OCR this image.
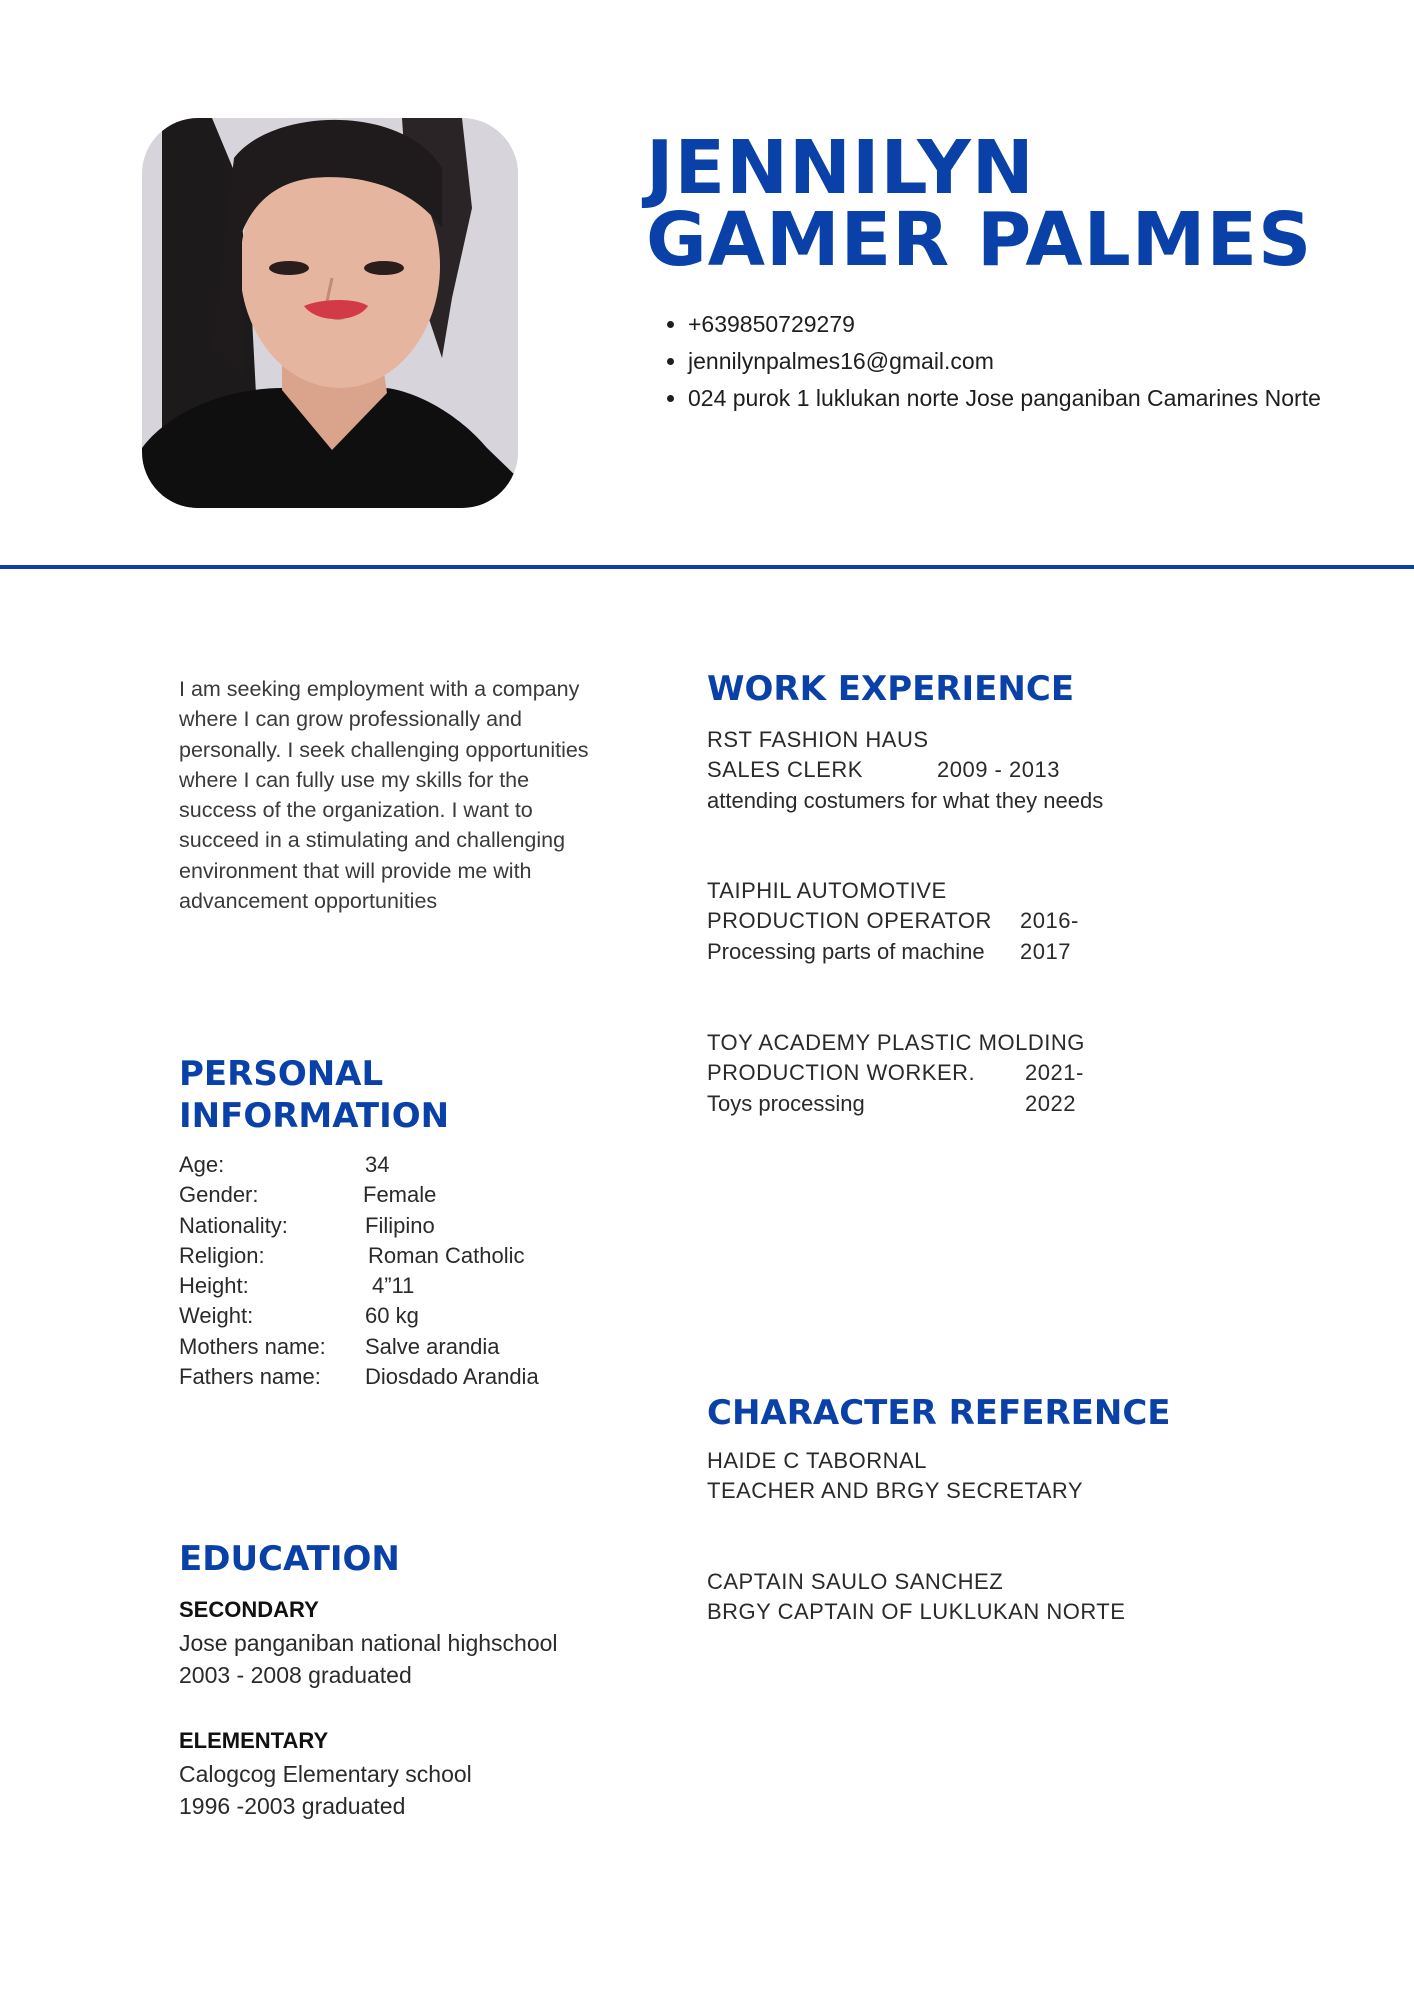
JENNILYN
GAMER PALMES
• +639850729279
• jennilynpalmes16@gmail.com
• 024 purok 1 luklukan norte Jose panganiban Camarines Norte

I am seeking employment with a company where I can grow professionally and personally. I seek challenging opportunities where I can fully use my skills for the success of the organization. I want to succeed in a stimulating and challenging environment that will provide me with advancement opportunities

WORK EXPERIENCE
RST FASHION HAUS
SALES CLERK	2009 - 2013
attending costumers for what they needs
TAIPHIL AUTOMOTIVE
PRODUCTION OPERATOR 2016-2017
Processing parts of machine
TOY ACADEMY PLASTIC MOLDING
PRODUCTION WORKER. 2021-2022
Toys processing
PERSONAL INFORMATION
Age:	34
Gender:	Female
Nationality:	Filipino
Religion:	Roman Catholic
Height:	4”11
Weight:	60 kg
Mothers name: Salve arandia
Fathers name: Diosdado Arandia
CHARACTER REFERENCE
HAIDE C TABORNAL
TEACHER AND BRGY SECRETARY
CAPTAIN SAULO SANCHEZ
BRGY CAPTAIN OF LUKLUKAN NORTE
EDUCATION
SECONDARY
Jose panganiban national highschool
2003 - 2008 graduated
ELEMENTARY
Calogcog Elementary school
1996 -2003 graduated
